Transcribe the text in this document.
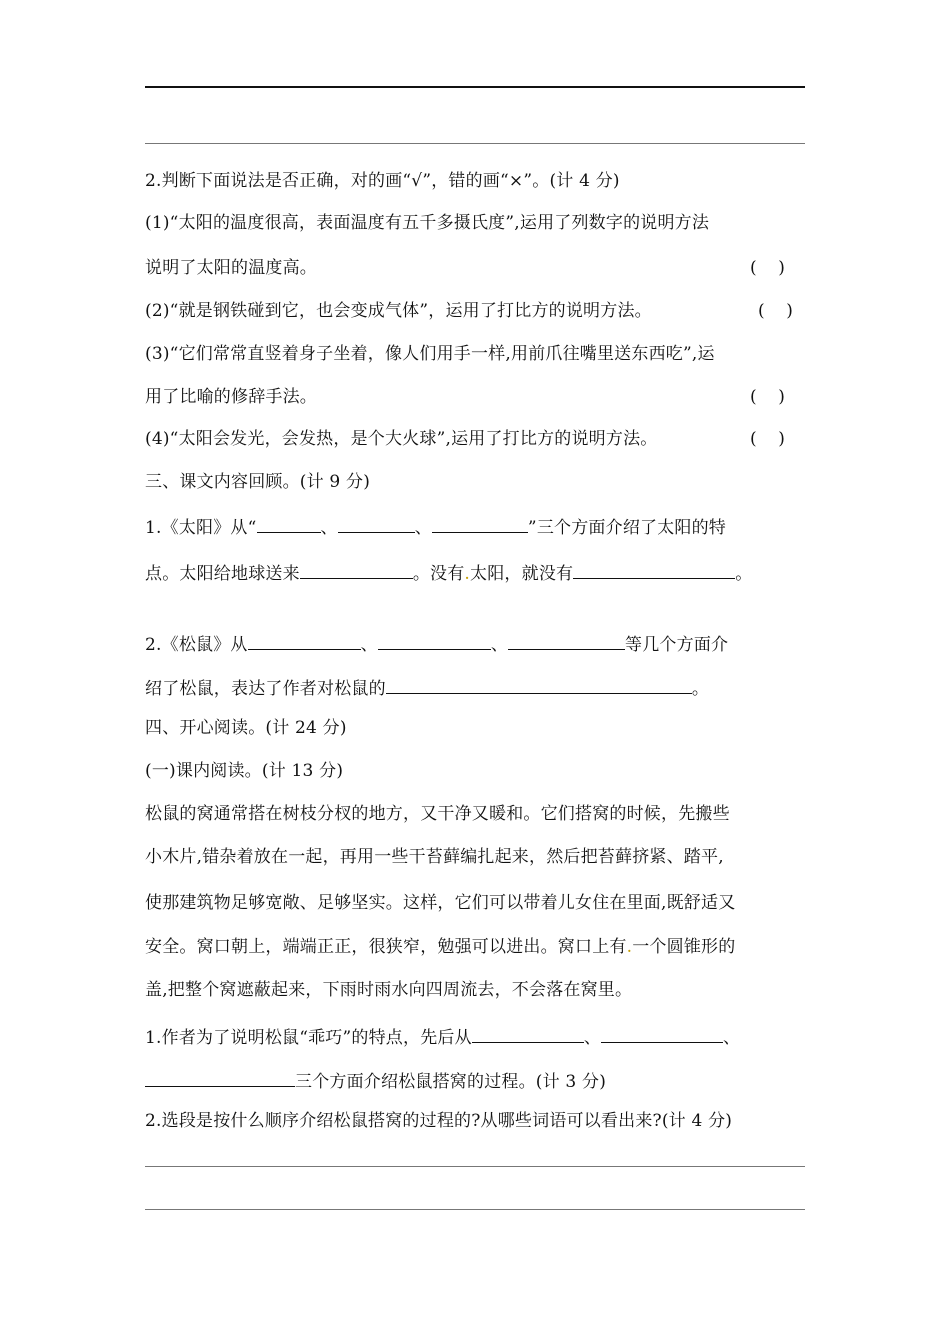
2.判断下面说法是否正确，对的画“√”，错的画“×”。(计 4 分)
(1)“太阳的温度很高，表面温度有五千多摄氏度”,运用了列数字的说明方法
说明了太阳的温度高。	(    )
(2)“就是钢铁碰到它，也会变成气体”，运用了打比方的说明方法。	(    )
(3)“它们常常直竖着身子坐着，像人们用手一样,用前爪往嘴里送东西吃”,运
用了比喻的修辞手法。	(    )
(4)“太阳会发光，会发热，是个大火球”,运用了打比方的说明方法。	(    )
三、课文内容回顾。(计 9 分)
1.《太阳》从“	、	、	”三个方面介绍了太阳的特
点。太阳给地球送来	。没有.太阳，就没有	。
2.《松鼠》从	、	、	等几个方面介
绍了松鼠，表达了作者对松鼠的	。
四、开心阅读。(计 24 分)
(一)课内阅读。(计 13 分)
松鼠的窝通常搭在树枝分杈的地方，又干净又暖和。它们搭窝的时候，先搬些
小木片,错杂着放在一起，再用一些干苔藓编扎起来，然后把苔藓挤紧、踏平,
使那建筑物足够宽敞、足够坚实。这样，它们可以带着儿女住在里面,既舒适又
安全。窝口朝上，端端正正，很狭窄，勉强可以进出。窝口上有.一个圆锥形的
盖,把整个窝遮蔽起来，下雨时雨水向四周流去，不会落在窝里。
1.作者为了说明松鼠“乖巧”的特点，先后从	、	、
三个方面介绍松鼠搭窝的过程。(计 3 分)
2.选段是按什么顺序介绍松鼠搭窝的过程的?从哪些词语可以看出来?(计 4 分)
